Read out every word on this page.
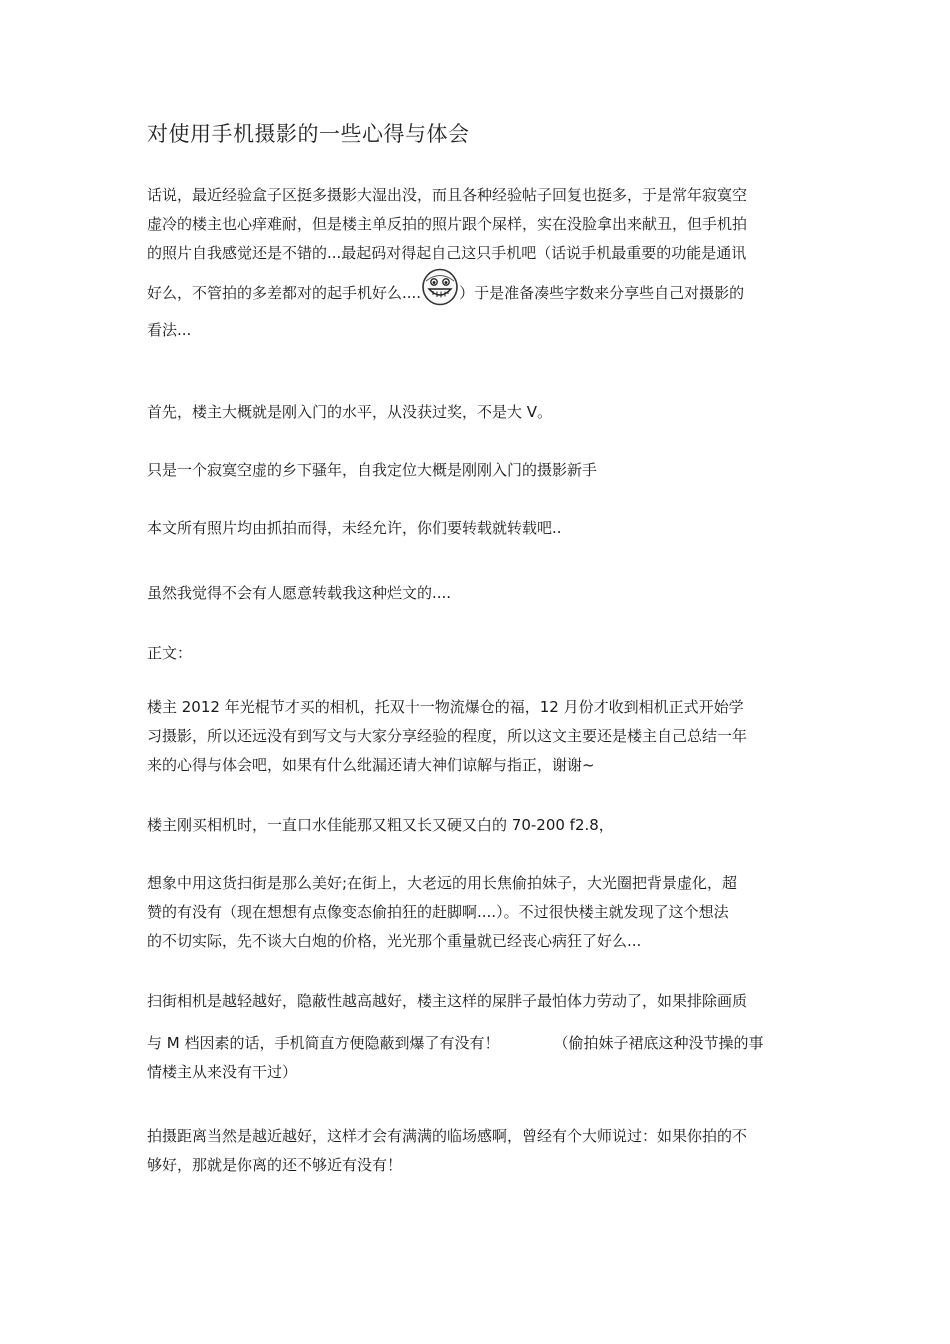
对使用手机摄影的一些心得与体会
话说，最近经验盒子区挺多摄影大湿出没，而且各种经验帖子回复也挺多，于是常年寂寞空
虚冷的楼主也心痒难耐，但是楼主单反拍的照片跟个屎样，实在没脸拿出来献丑，但手机拍
的照片自我感觉还是不错的...最起码对得起自己这只手机吧（话说手机最重要的功能是通讯
好么，不管拍的多差都对的起手机好么....	）于是准备凑些字数来分享些自己对摄影的
看法...
首先，楼主大概就是刚入门的水平，从没获过奖，不是大 V。
只是一个寂寞空虚的乡下骚年，自我定位大概是刚刚入门的摄影新手
本文所有照片均由抓拍而得，未经允许，你们要转载就转载吧..
虽然我觉得不会有人愿意转载我这种烂文的....
正文：
楼主 2012 年光棍节才买的相机，托双十一物流爆仓的福，12 月份才收到相机正式开始学
习摄影，所以还远没有到写文与大家分享经验的程度，所以这文主要还是楼主自己总结一年
来的心得与体会吧，如果有什么纰漏还请大神们谅解与指正，谢谢~
楼主刚买相机时，一直口水佳能那又粗又长又硬又白的 70-200 f2.8，
想象中用这货扫街是那么美好;在街上，大老远的用长焦偷拍妹子，大光圈把背景虚化，超
赞的有没有（现在想想有点像变态偷拍狂的赶脚啊....）。不过很快楼主就发现了这个想法
的不切实际，先不谈大白炮的价格，光光那个重量就已经丧心病狂了好么...
扫街相机是越轻越好，隐蔽性越高越好，楼主这样的屎胖子最怕体力劳动了，如果排除画质
与 M 档因素的话，手机简直方便隐蔽到爆了有没有！	（偷拍妹子裙底这种没节操的事
情楼主从来没有干过）
拍摄距离当然是越近越好，这样才会有满满的临场感啊，曾经有个大师说过：如果你拍的不
够好，那就是你离的还不够近有没有！
